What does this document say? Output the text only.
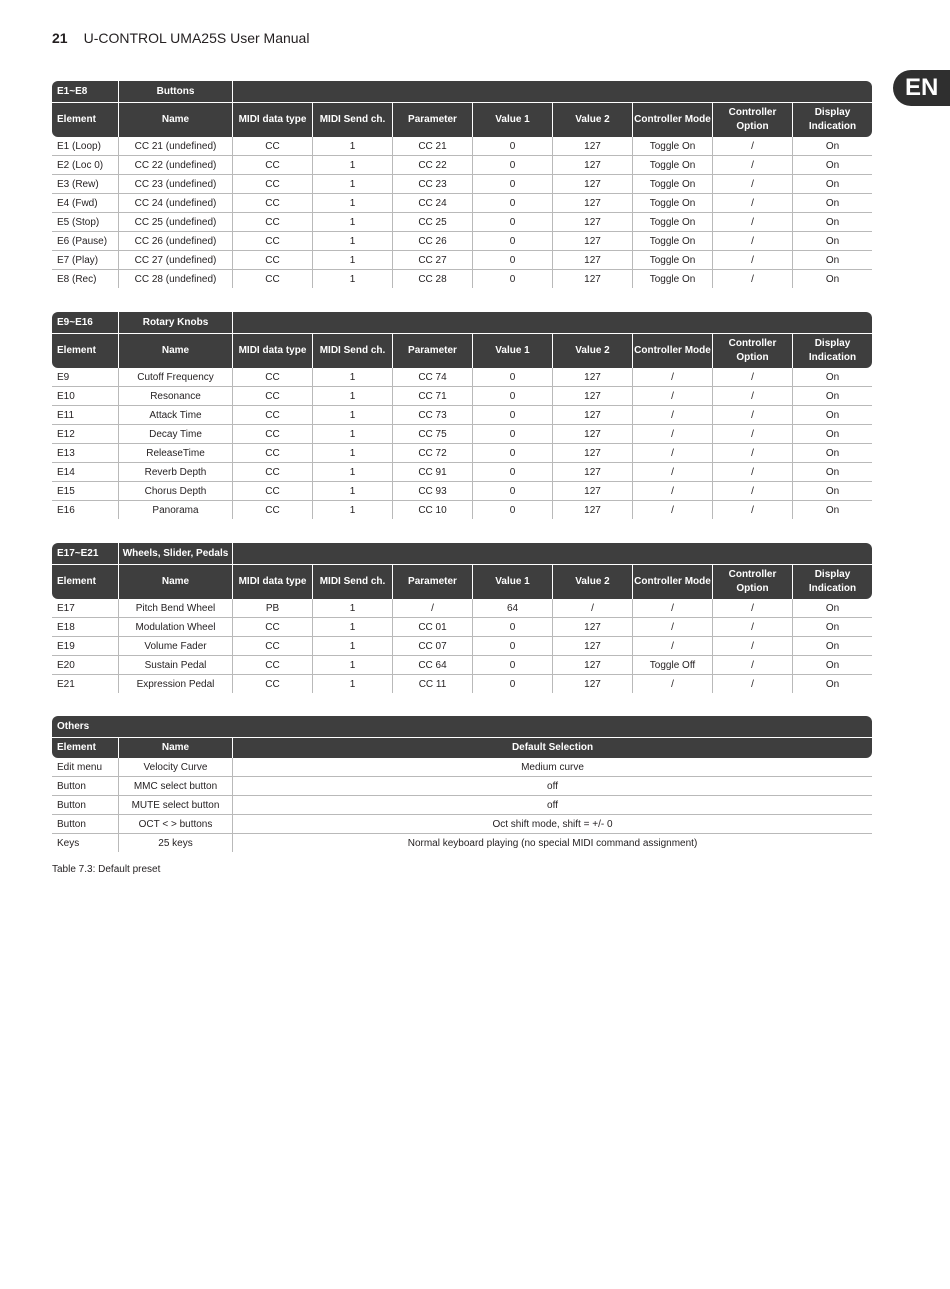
21 U-CONTROL UMA25S User Manual
EN
E1~E8	Buttons								
Element	Name	MIDI data type	MIDI Send ch.	Parameter	Value 1	Value 2	Controller Mode	Controller Option	Display Indication
E1 (Loop)	CC 21 (undefined)	CC	1	CC 21	0	127	Toggle On	/	On
E2 (Loc 0)	CC 22 (undefined)	CC	1	CC 22	0	127	Toggle On	/	On
E3 (Rew)	CC 23 (undefined)	CC	1	CC 23	0	127	Toggle On	/	On
E4 (Fwd)	CC 24 (undefined)	CC	1	CC 24	0	127	Toggle On	/	On
E5 (Stop)	CC 25 (undefined)	CC	1	CC 25	0	127	Toggle On	/	On
E6 (Pause)	CC 26 (undefined)	CC	1	CC 26	0	127	Toggle On	/	On
E7 (Play)	CC 27 (undefined)	CC	1	CC 27	0	127	Toggle On	/	On
E8 (Rec)	CC 28 (undefined)	CC	1	CC 28	0	127	Toggle On	/	On
E9~E16	Rotary Knobs								
Element	Name	MIDI data type	MIDI Send ch.	Parameter	Value 1	Value 2	Controller Mode	Controller Option	Display Indication
E9	Cutoff Frequency	CC	1	CC 74	0	127	/	/	On
E10	Resonance	CC	1	CC 71	0	127	/	/	On
E11	Attack Time	CC	1	CC 73	0	127	/	/	On
E12	Decay Time	CC	1	CC 75	0	127	/	/	On
E13	ReleaseTime	CC	1	CC 72	0	127	/	/	On
E14	Reverb Depth	CC	1	CC 91	0	127	/	/	On
E15	Chorus Depth	CC	1	CC 93	0	127	/	/	On
E16	Panorama	CC	1	CC 10	0	127	/	/	On
E17~E21	Wheels, Slider, Pedals								
Element	Name	MIDI data type	MIDI Send ch.	Parameter	Value 1	Value 2	Controller Mode	Controller Option	Display Indication
E17	Pitch Bend Wheel	PB	1	/	64	/	/	/	On
E18	Modulation Wheel	CC	1	CC 01	0	127	/	/	On
E19	Volume Fader	CC	1	CC 07	0	127	/	/	On
E20	Sustain Pedal	CC	1	CC 64	0	127	Toggle Off	/	On
E21	Expression Pedal	CC	1	CC 11	0	127	/	/	On
Others		
Element	Name	Default Selection
Edit menu	Velocity Curve	Medium curve
Button	MMC select button	off
Button	MUTE select button	off
Button	OCT < > buttons	Oct shift mode, shift = +/- 0
Keys	25 keys	Normal keyboard playing (no special MIDI command assignment)
Table 7.3: Default preset
